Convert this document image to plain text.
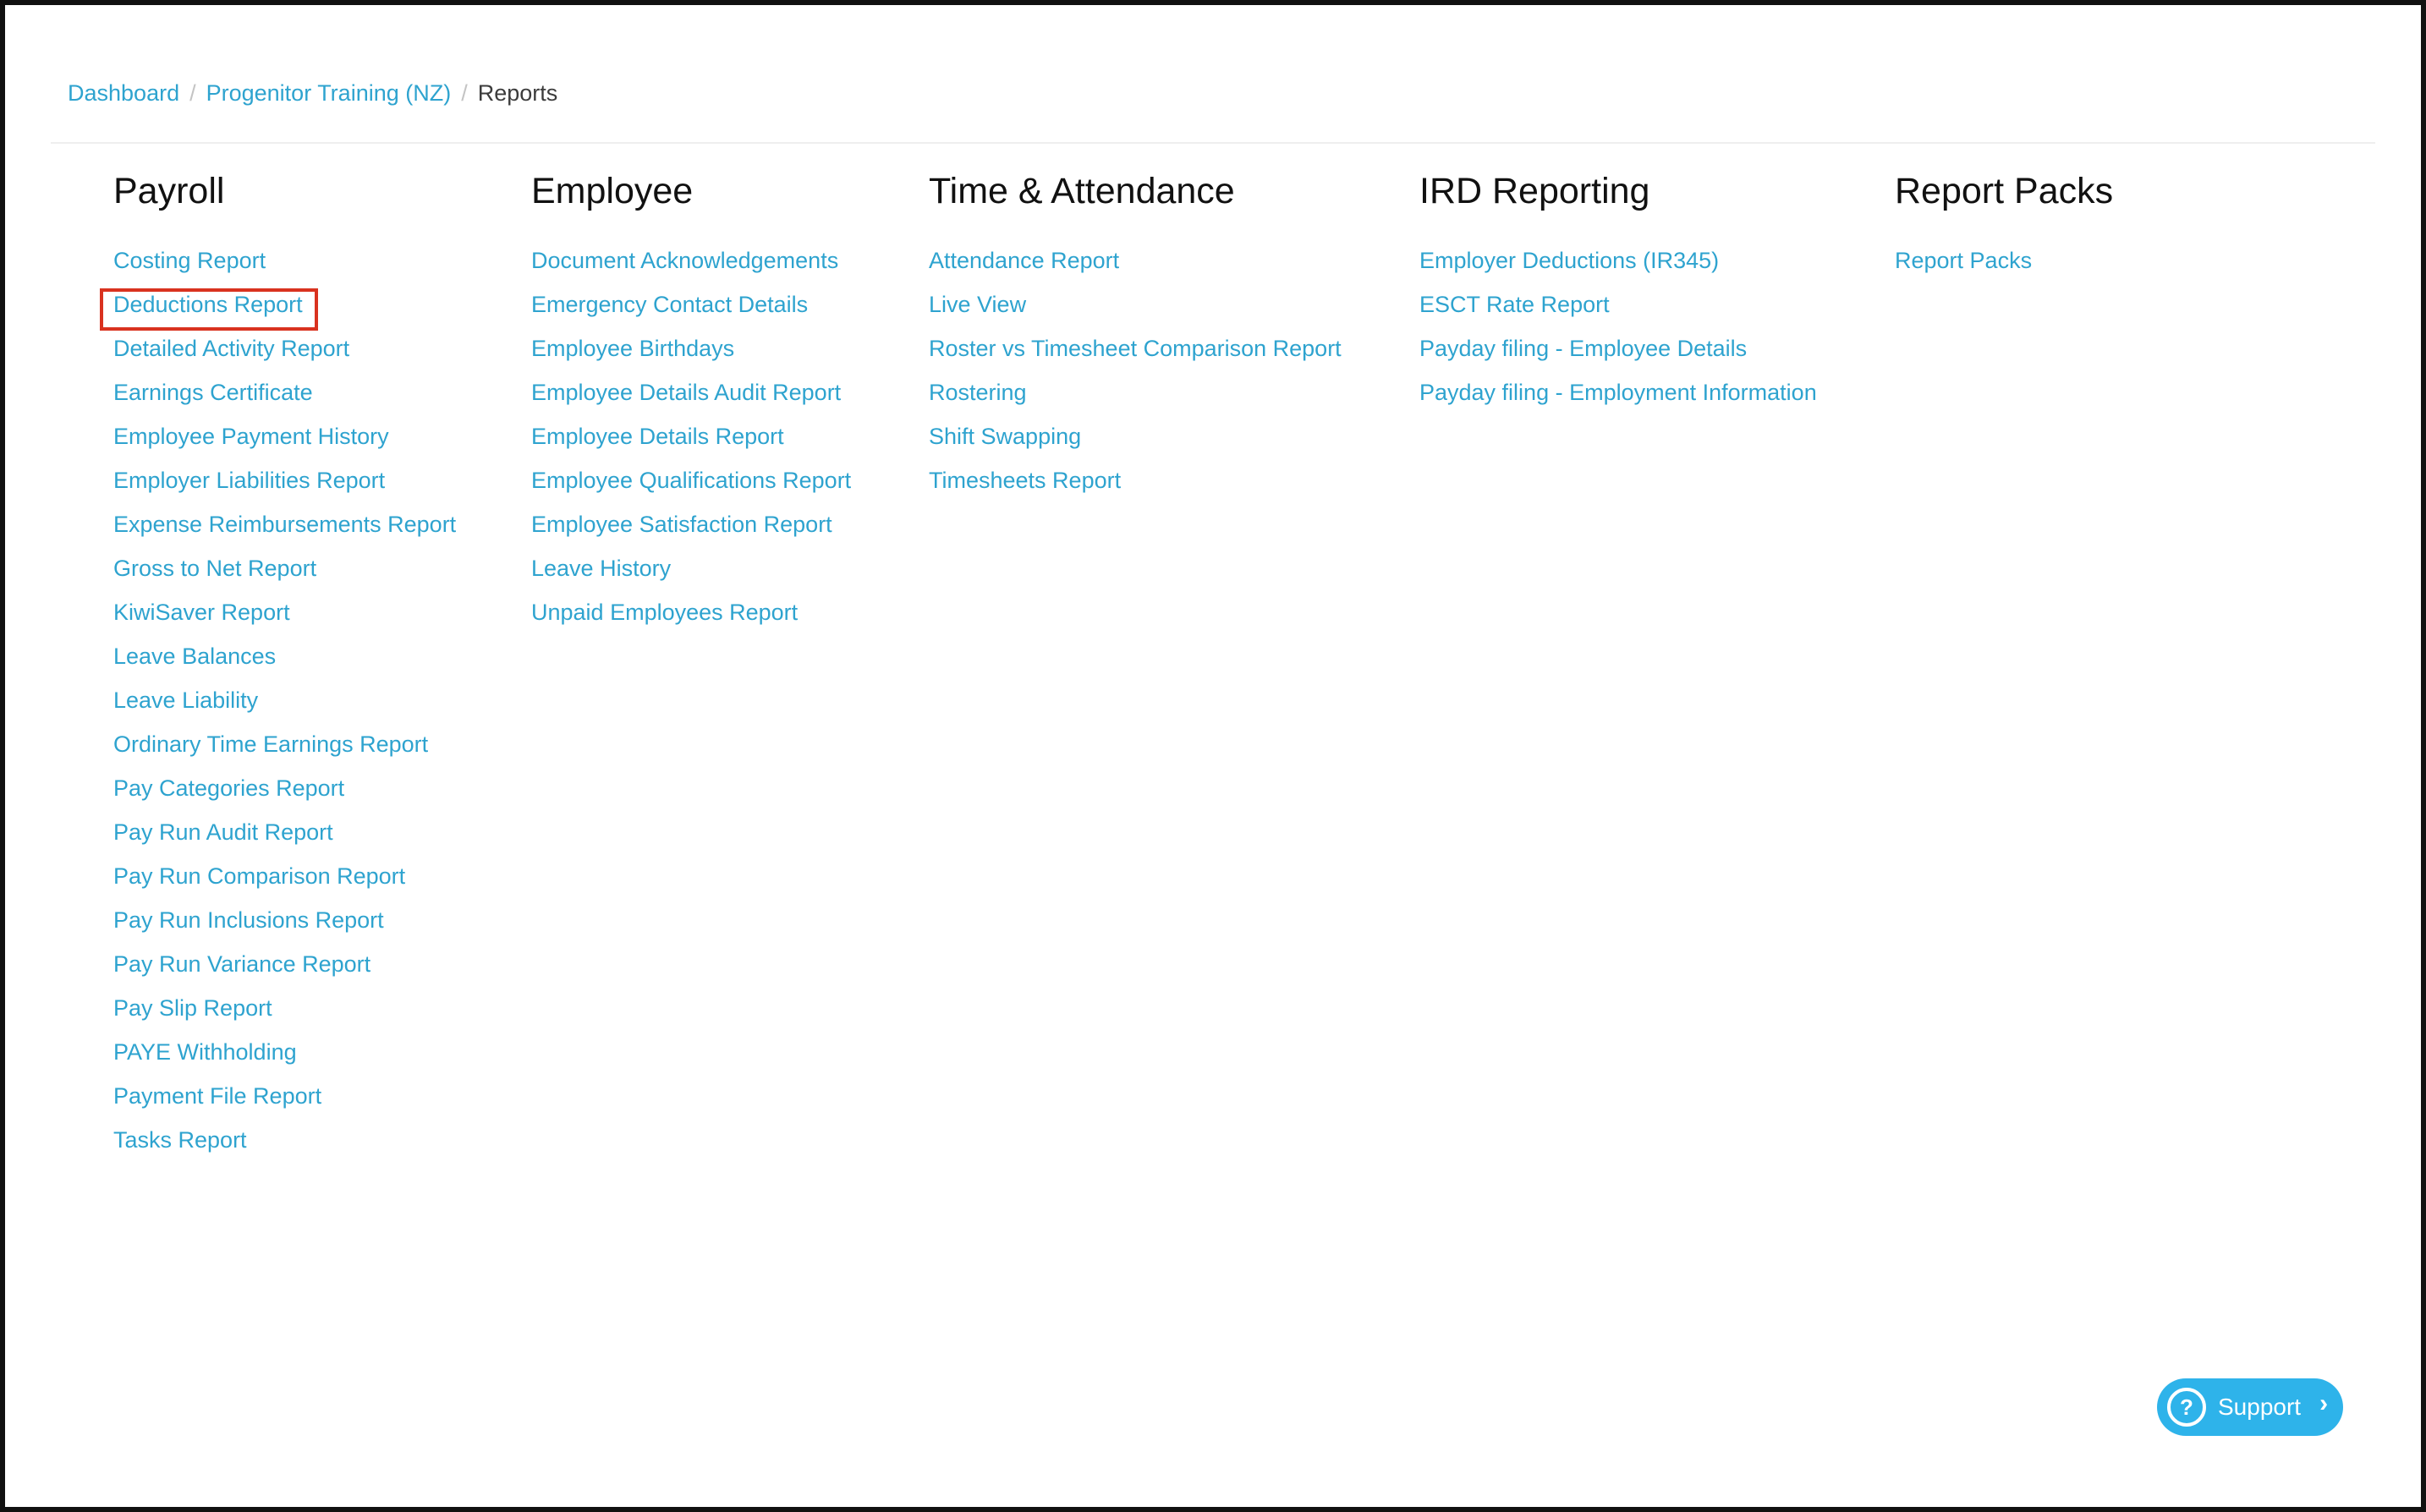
Dashboard / Progenitor Training (NZ) / Reports
Payroll
Costing Report
Deductions Report
Detailed Activity Report
Earnings Certificate
Employee Payment History
Employer Liabilities Report
Expense Reimbursements Report
Gross to Net Report
KiwiSaver Report
Leave Balances
Leave Liability
Ordinary Time Earnings Report
Pay Categories Report
Pay Run Audit Report
Pay Run Comparison Report
Pay Run Inclusions Report
Pay Run Variance Report
Pay Slip Report
PAYE Withholding
Payment File Report
Tasks Report
Employee
Document Acknowledgements
Emergency Contact Details
Employee Birthdays
Employee Details Audit Report
Employee Details Report
Employee Qualifications Report
Employee Satisfaction Report
Leave History
Unpaid Employees Report
Time & Attendance
Attendance Report
Live View
Roster vs Timesheet Comparison Report
Rostering
Shift Swapping
Timesheets Report
IRD Reporting
Employer Deductions (IR345)
ESCT Rate Report
Payday filing - Employee Details
Payday filing - Employment Information
Report Packs
Report Packs
?	Support ›
